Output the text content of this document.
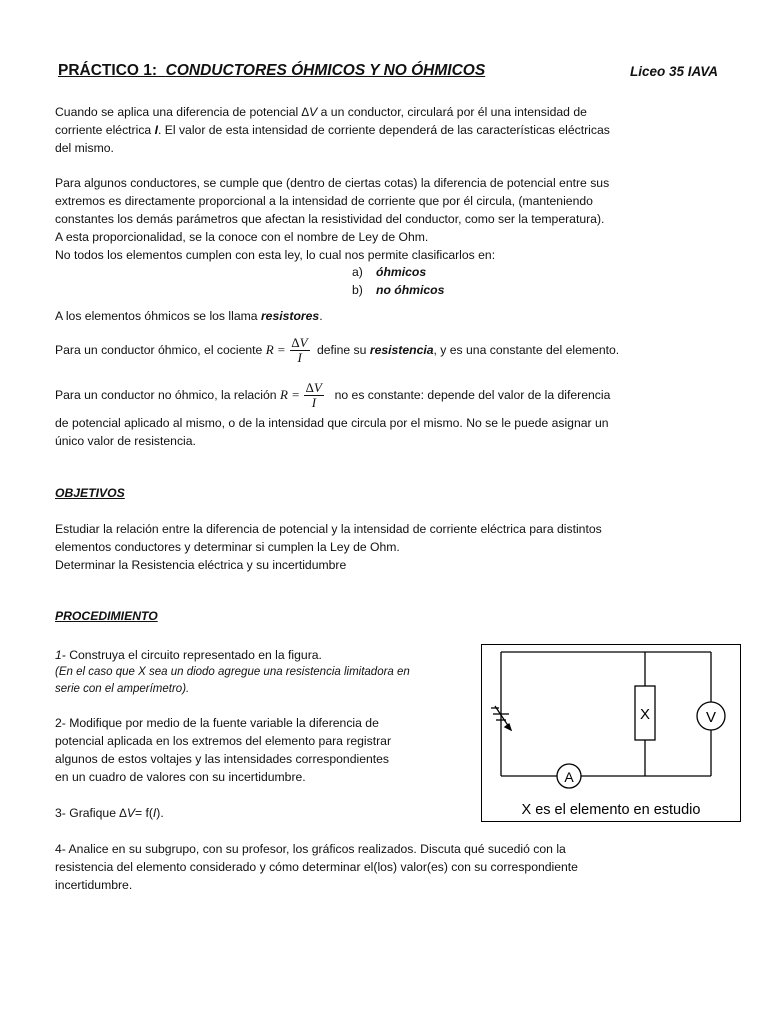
PRÁCTICO 1: CONDUCTORES ÓHMICOS Y NO ÓHMICOS	Liceo 35 IAVA

Cuando se aplica una diferencia de potencial ∆V a un conductor, circulará por él una intensidad de
corriente eléctrica I. El valor de esta intensidad de corriente dependerá de las características eléctricas
del mismo.

Para algunos conductores, se cumple que (dentro de ciertas cotas) la diferencia de potencial entre sus
extremos es directamente proporcional a la intensidad de corriente que por él circula, (manteniendo
constantes los demás parámetros que afectan la resistividad del conductor, como ser la temperatura).
A esta proporcionalidad, se la conoce con el nombre de Ley de Ohm.
No todos los elementos cumplen con esta ley, lo cual nos permite clasificarlos en:

a) óhmicos
b) no óhmicos

A los elementos óhmicos se los llama resistores.

Para un conductor óhmico, el cociente $R = \frac{\Delta V}{I}$ define su resistencia, y es una constante del elemento.

Para un conductor no óhmico, la relación $R = \frac{\Delta V}{I}$ no es constante: depende del valor de la diferencia

de potencial aplicado al mismo, o de la intensidad que circula por el mismo. No se le puede asignar un
único valor de resistencia.

OBJETIVOS

Estudiar la relación entre la diferencia de potencial y la intensidad de corriente eléctrica para distintos
elementos conductores y determinar si cumplen la Ley de Ohm.
Determinar la Resistencia eléctrica y su incertidumbre

PROCEDIMIENTO

1- Construya el circuito representado en la figura.
(En el caso que X sea un diodo agregue una resistencia limitadora en
serie con el amperímetro).

2- Modifique por medio de la fuente variable la diferencia de
potencial aplicada en los extremos del elemento para registrar
algunos de estos voltajes y las intensidades correspondientes
en un cuadro de valores con su incertidumbre.

3- Grafique ∆V= f(I).

4- Analice en su subgrupo, con su profesor, los gráficos realizados. Discuta qué sucedió con la
resistencia del elemento considerado y cómo determinar el(los) valor(es) con su correspondiente
incertidumbre.

X	V
A
X es el elemento en estudio
